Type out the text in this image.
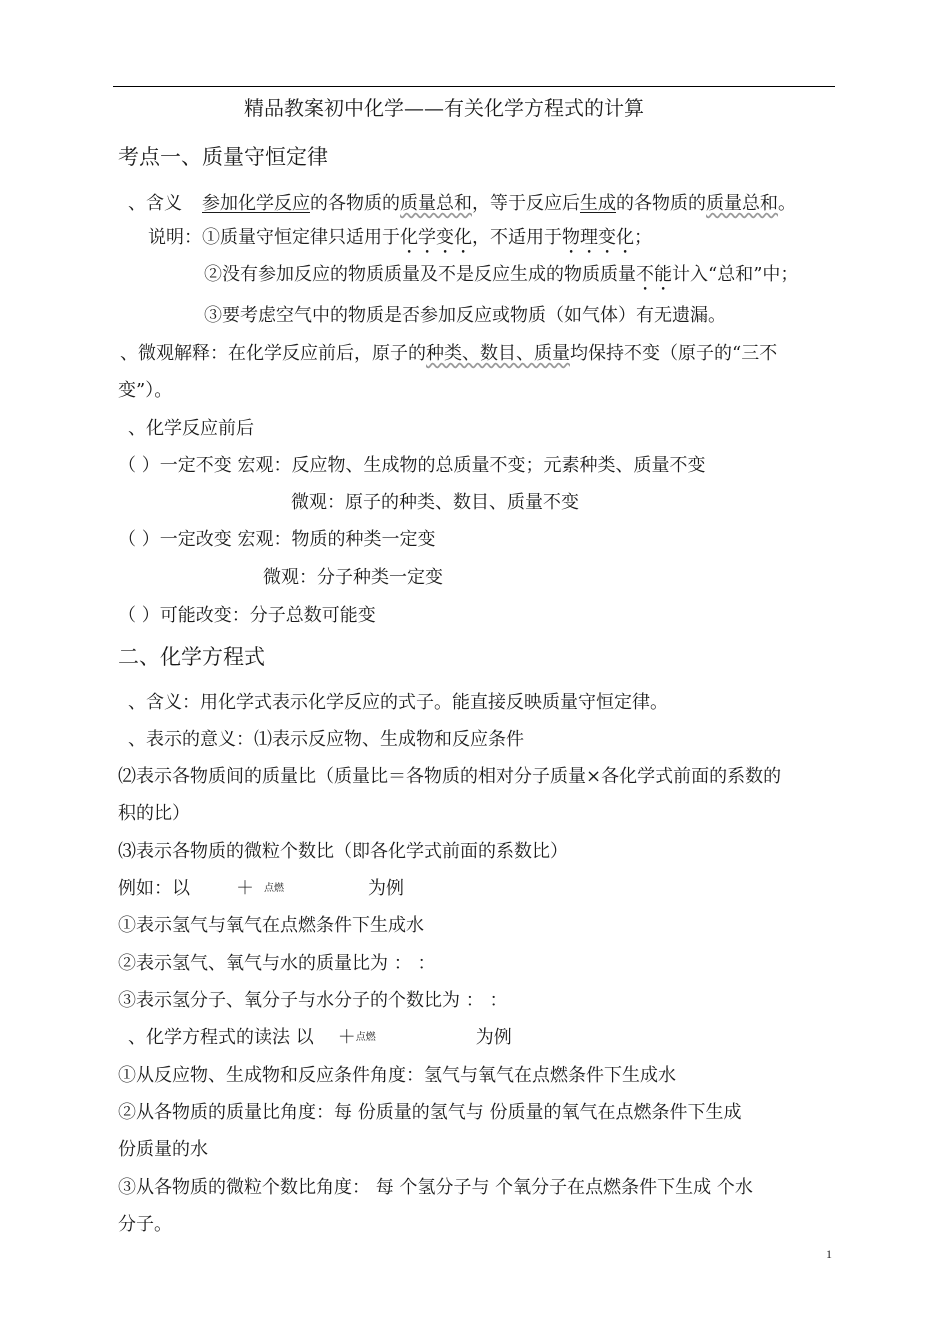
精品教案初中化学——有关化学方程式的计算
考点一、质量守恒定律
、含义 参加化学反应的各物质的质量总和，等于反应后生成的各物质的质量总和。
说明：①质量守恒定律只适用于化学变化，不适用于物理变化；
②没有参加反应的物质质量及不是反应生成的物质质量不能计入“总和”中；
③要考虑空气中的物质是否参加反应或物质（如气体）有无遗漏。
、微观解释：在化学反应前后，原子的种类、数目、质量均保持不变（原子的“三不
变”）。
、化学反应前后
（ ）一定不变 宏观：反应物、生成物的总质量不变；元素种类、质量不变
微观：原子的种类、数目、质量不变
（ ）一定改变 宏观：物质的种类一定变
微观：分子种类一定变
（ ）可能改变：分子总数可能变
二、化学方程式
、含义：用化学式表示化学反应的式子。能直接反映质量守恒定律。
、表示的意义：⑴表示反应物、生成物和反应条件
⑵表示各物质间的质量比（质量比＝各物质的相对分子质量×各化学式前面的系数的
积的比）
⑶表示各物质的微粒个数比（即各化学式前面的系数比）
例如：以	＋ $^{点燃}$	为例
①表示氢气与氧气在点燃条件下生成水
②表示氢气、氧气与水的质量比为 ： ：
③表示氢分子、氧分子与水分子的个数比为 ： ：
、化学方程式的读法 以 ＋$^{点燃}$	为例
①从反应物、生成物和反应条件角度：氢气与氧气在点燃条件下生成水
②从各物质的质量比角度：每 份质量的氢气与 份质量的氧气在点燃条件下生成
份质量的水
③从各物质的微粒个数比角度： 每 个氢分子与 个氧分子在点燃条件下生成 个水
分子。
1
